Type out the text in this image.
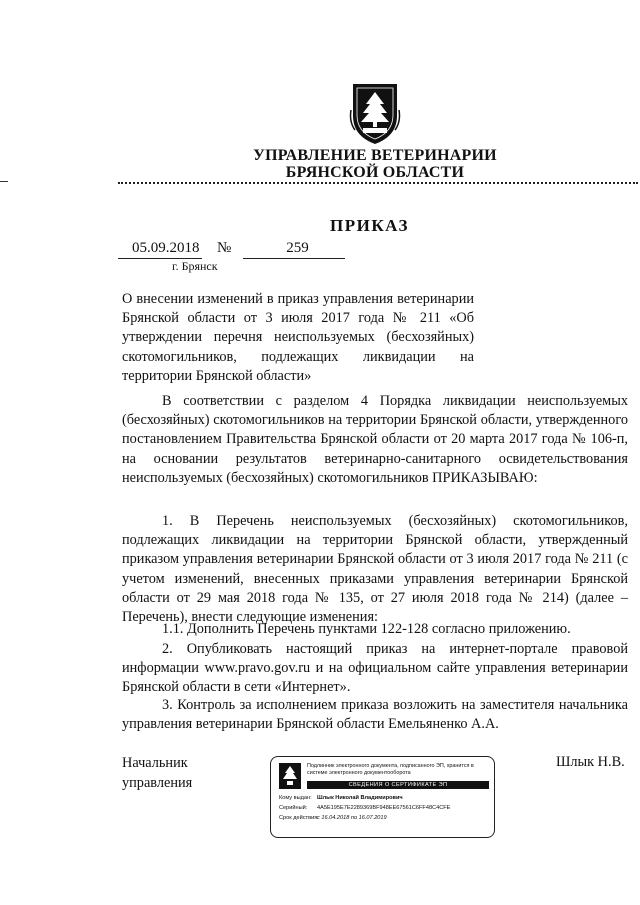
УПРАВЛЕНИЕ ВЕТЕРИНАРИИ
БРЯНСКОЙ ОБЛАСТИ
ПРИКАЗ
05.09.2018 №	259
г. Брянск
О внесении изменений в приказ управления ветеринарии Брянской области от 3 июля 2017 года № 211 «Об утверждении перечня неиспользуемых (бесхозяйных) скотомогильников, подлежащих ликвидации на территории Брянской области»
В соответствии с разделом 4 Порядка ликвидации неиспользуемых (бесхозяйных) скотомогильников на территории Брянской области, утвержденного постановлением Правительства Брянской области от 20 марта 2017 года № 106-п, на основании результатов ветеринарно-санитарного освидетельствования неиспользуемых (бесхозяйных) скотомогильников ПРИКАЗЫВАЮ:
1. В Перечень неиспользуемых (бесхозяйных) скотомогильников, подлежащих ликвидации на территории Брянской области, утвержденный приказом управления ветеринарии Брянской области от 3 июля 2017 года № 211 (с учетом изменений, внесенных приказами управления ветеринарии Брянской области от 29 мая 2018 года № 135, от 27 июля 2018 года № 214) (далее – Перечень), внести следующие изменения:
1.1. Дополнить Перечень пунктами 122-128 согласно приложению.
2. Опубликовать настоящий приказ на интернет-портале правовой информации www.pravo.gov.ru и на официальном сайте управления ветеринарии Брянской области в сети «Интернет».
3. Контроль за исполнением приказа возложить на заместителя начальника управления ветеринарии Брянской области Емельяненко А.А.
Начальник
управления
Шлык Н.В.
Подлинник электронного документа, подписанного ЭП, хранится в системе электронного документооборота
СВЕДЕНИЯ О СЕРТИФИКАТЕ ЭП
Кому выдан: Шлык Николай Владимирович
Серийный: 4A5E195E7E2289369BF948EE67561C6FF48C4CFE
Срок действия:с 16.04.2018 по 16.07.2019
